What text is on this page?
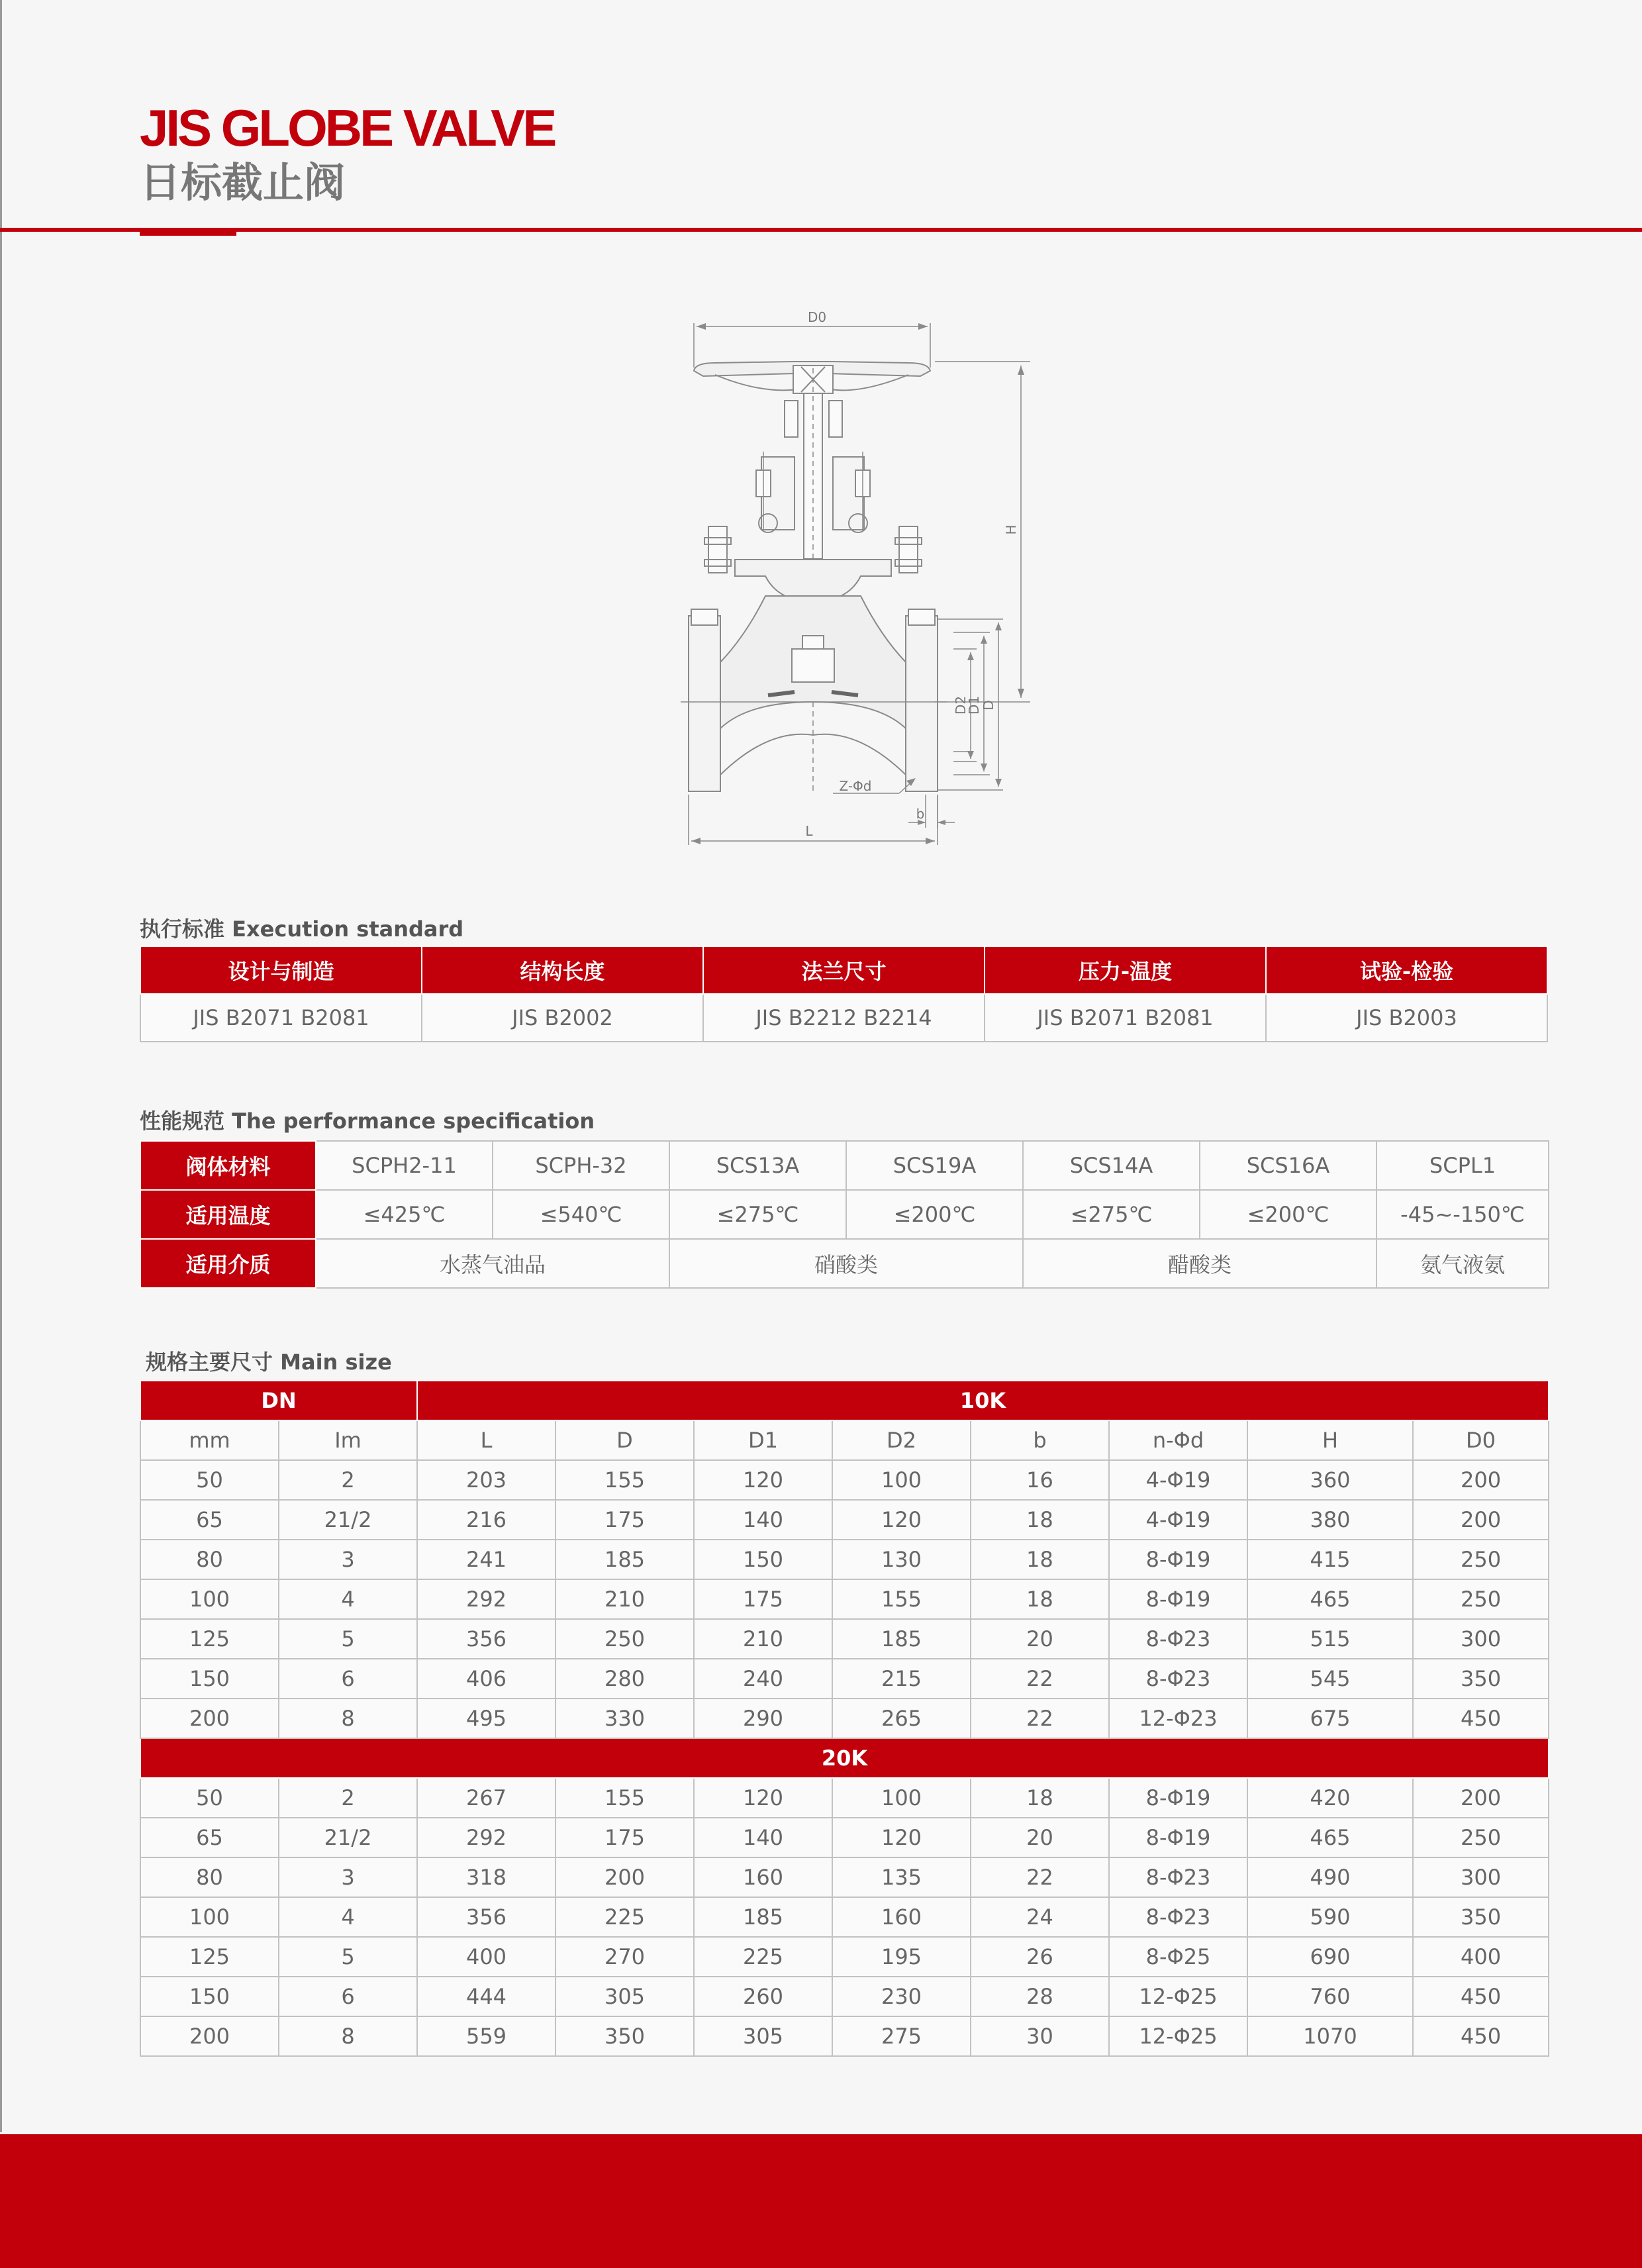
JIS GLOBE VALVE
日标截止阀
D0
H
D2
D1
D
Z-Φd
b
L
执行标准 Execution standard
设计与制造	结构长度	法兰尺寸	压力-温度	试验-检验
JIS B2071 B2081	JIS B2002	JIS B2212 B2214	JIS B2071 B2081	JIS B2003
性能规范 The performance specification
阀体材料	SCPH2-11	SCPH-32	SCS13A	SCS19A	SCS14A	SCS16A	SCPL1
适用温度	≤425℃	≤540℃	≤275℃	≤200℃	≤275℃	≤200℃	-45~-150℃
适用介质	水蒸气油品		硝酸类		醋酸类		氨气液氨
规格主要尺寸 Main size
DN		10K							
mm	Im	L	D	D1	D2	b	n-Φd	H	D0
50	2	203	155	120	100	16	4-Φ19	360	200
65	21/2	216	175	140	120	18	4-Φ19	380	200
80	3	241	185	150	130	18	8-Φ19	415	250
100	4	292	210	175	155	18	8-Φ19	465	250
125	5	356	250	210	185	20	8-Φ23	515	300
150	6	406	280	240	215	22	8-Φ23	545	350
200	8	495	330	290	265	22	12-Φ23	675	450
20K									
50	2	267	155	120	100	18	8-Φ19	420	200
65	21/2	292	175	140	120	20	8-Φ19	465	250
80	3	318	200	160	135	22	8-Φ23	490	300
100	4	356	225	185	160	24	8-Φ23	590	350
125	5	400	270	225	195	26	8-Φ25	690	400
150	6	444	305	260	230	28	12-Φ25	760	450
200	8	559	350	305	275	30	12-Φ25	1070	450
